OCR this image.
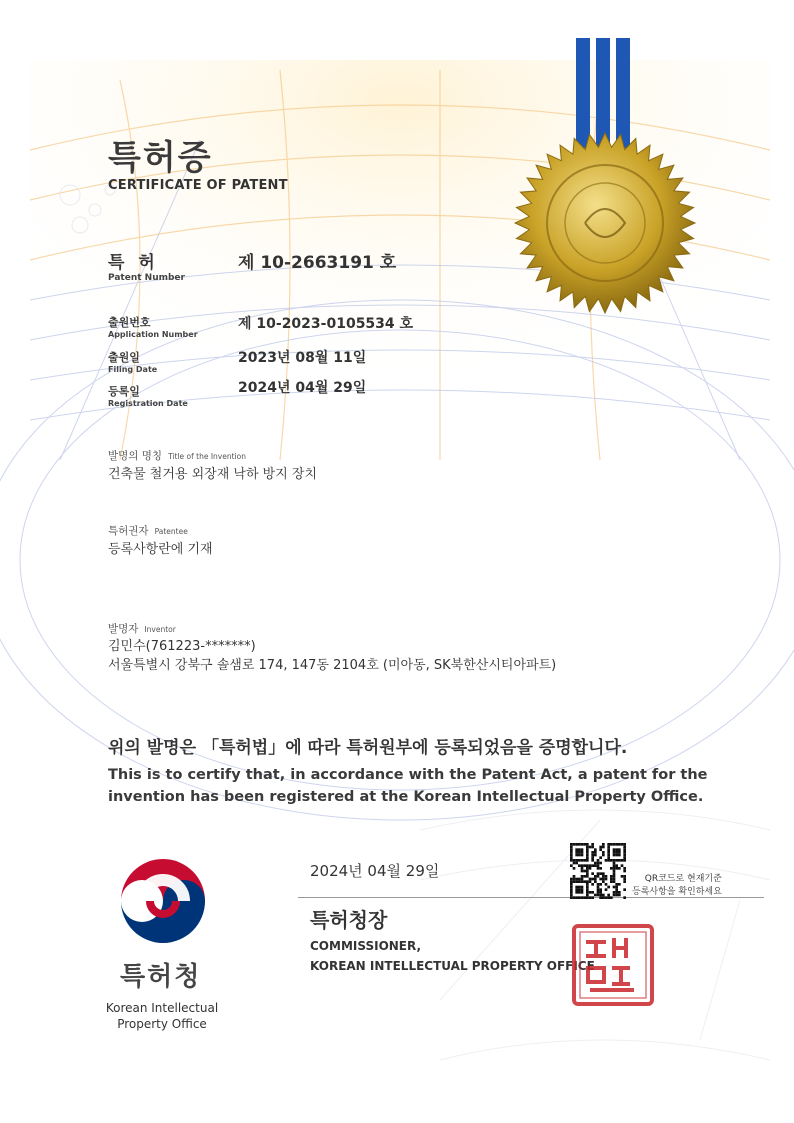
특허증
CERTIFICATE OF PATENT
특 허
Patent Number
제 10-2663191 호
출원번호
Application Number
제 10-2023-0105534 호
출원일
Filing Date
2023년 08월 11일
등록일
Registration Date
2024년 04월 29일
발명의 명칭 Title of the Invention
건축물 철거용 외장재 낙하 방지 장치
특허권자 Patentee
등록사항란에 기재
발명자 Inventor
김민수(761223-*******)
서울특별시 강북구 솔샘로 174, 147동 2104호 (미아동, SK북한산시티아파트)
위의 발명은 「특허법」에 따라 특허원부에 등록되었음을 증명합니다.
This is to certify that, in accordance with the Patent Act, a patent for the invention has been registered at the Korean Intellectual Property Office.
2024년 04월 29일
특허청장
COMMISSIONER,
KOREAN INTELLECTUAL PROPERTY OFFICE
QR코드로 현재기준
등록사항을 확인하세요
특허청
Korean Intellectual
Property Office
